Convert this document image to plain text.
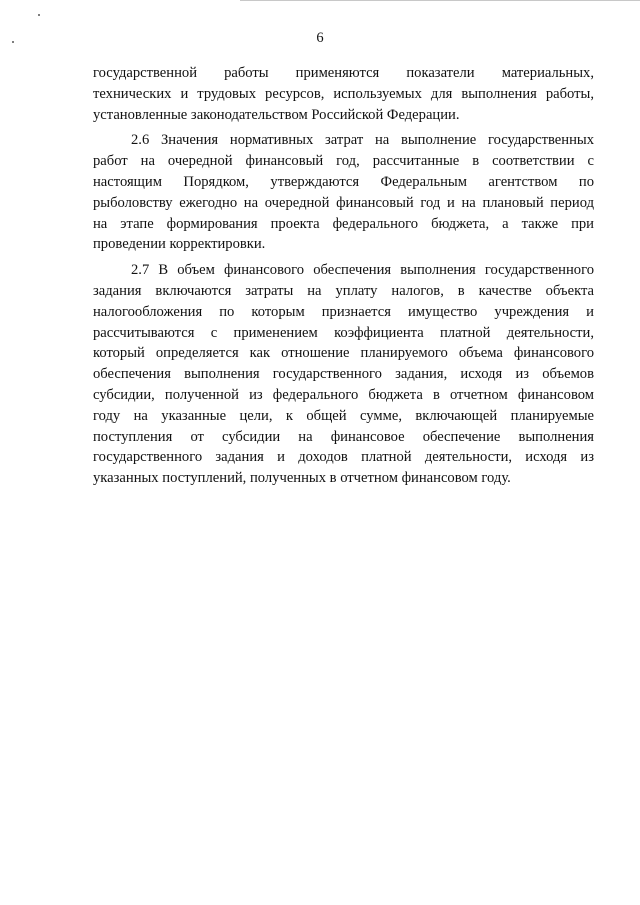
6
государственной работы применяются показатели материальных,
технических и трудовых ресурсов, используемых для выполнения работы,
установленные законодательством Российской Федерации.
2.6 Значения нормативных затрат на выполнение государственных
работ на очередной финансовый год, рассчитанные в соответствии с
настоящим Порядком, утверждаются Федеральным агентством по
рыболовству ежегодно на очередной финансовый год и на плановый период
на этапе формирования проекта федерального бюджета, а также при
проведении корректировки.
2.7 В объем финансового обеспечения выполнения государственного
задания включаются затраты на уплату налогов, в качестве объекта
налогообложения по которым признается имущество учреждения и
рассчитываются с применением коэффициента платной деятельности,
который определяется как отношение планируемого объема финансового
обеспечения выполнения государственного задания, исходя из объемов
субсидии, полученной из федерального бюджета в отчетном финансовом
году на указанные цели, к общей сумме, включающей планируемые
поступления от субсидии на финансовое обеспечение выполнения
государственного задания и доходов платной деятельности, исходя из
указанных поступлений, полученных в отчетном финансовом году.
